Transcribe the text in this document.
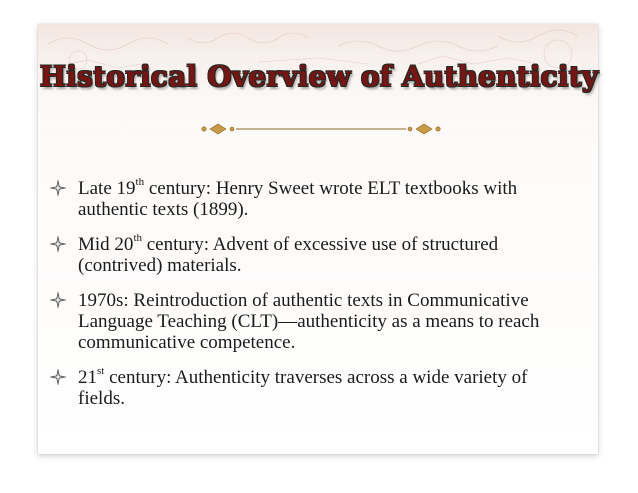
Historical Overview of Authenticity
Late 19th century: Henry Sweet wrote ELT textbooks with authentic texts (1899).
Mid 20th century: Advent of excessive use of structured (contrived) materials.
1970s: Reintroduction of authentic texts in Communicative Language Teaching (CLT)—authenticity as a means to reach communicative competence.
21st century: Authenticity traverses across a wide variety of fields.
